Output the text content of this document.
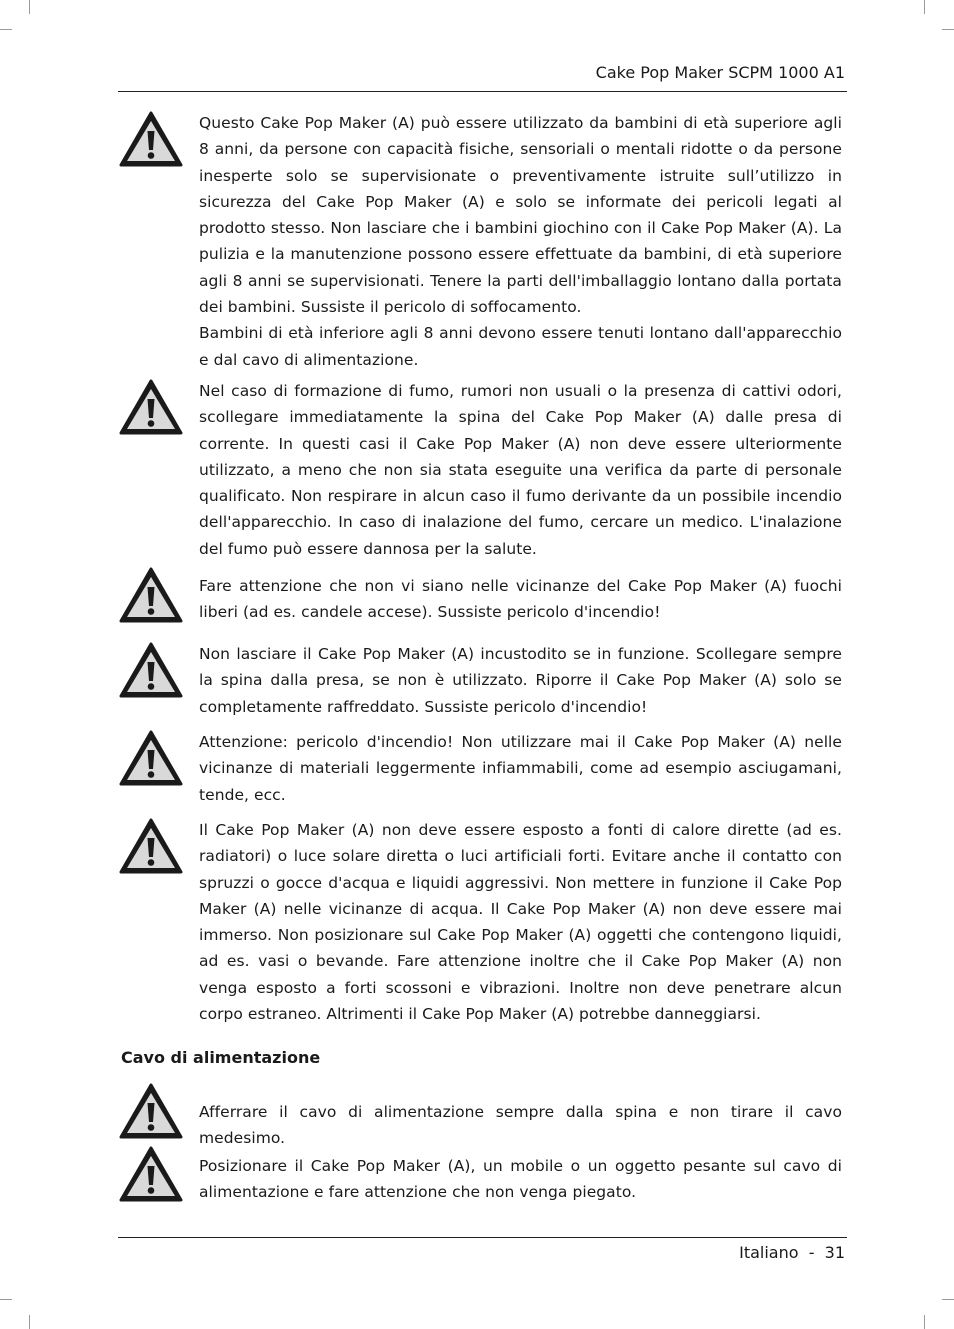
Cake Pop Maker SCPM 1000 A1

Questo Cake Pop Maker (A) può essere utilizzato da bambini di età superiore agli 8 anni, da persone con capacità fisiche, sensoriali o mentali ridotte o da persone inesperte solo se supervisionate o preventivamente istruite sull’utilizzo in sicurezza del Cake Pop Maker (A) e solo se informate dei pericoli legati al prodotto stesso. Non lasciare che i bambini giochino con il Cake Pop Maker (A). La pulizia e la manutenzione possono essere effettuate da bambini, di età superiore agli 8 anni se supervisionati. Tenere la parti dell'imballaggio lontano dalla portata dei bambini. Sussiste il pericolo di soffocamento.

Bambini di età inferiore agli 8 anni devono essere tenuti lontano dall'apparecchio e dal cavo di alimentazione.

Nel caso di formazione di fumo, rumori non usuali o la presenza di cattivi odori, scollegare immediatamente la spina del Cake Pop Maker (A) dalle presa di corrente. In questi casi il Cake Pop Maker (A) non deve essere ulteriormente utilizzato, a meno che non sia stata eseguite una verifica da parte di personale qualificato. Non respirare in alcun caso il fumo derivante da un possibile incendio dell'apparecchio. In caso di inalazione del fumo, cercare un medico. L'inalazione del fumo può essere dannosa per la salute.

Fare attenzione che non vi siano nelle vicinanze del Cake Pop Maker (A) fuochi liberi (ad es. candele accese). Sussiste pericolo d'incendio!

Non lasciare il Cake Pop Maker (A) incustodito se in funzione. Scollegare sempre la spina dalla presa, se non è utilizzato. Riporre il Cake Pop Maker (A) solo se completamente raffreddato. Sussiste pericolo d'incendio!

Attenzione: pericolo d'incendio! Non utilizzare mai il Cake Pop Maker (A) nelle vicinanze di materiali leggermente infiammabili, come ad esempio asciugamani, tende, ecc.

Il Cake Pop Maker (A) non deve essere esposto a fonti di calore dirette (ad es. radiatori) o luce solare diretta o luci artificiali forti. Evitare anche il contatto con spruzzi o gocce d'acqua e liquidi aggressivi. Non mettere in funzione il Cake Pop Maker (A) nelle vicinanze di acqua. Il Cake Pop Maker (A) non deve essere mai immerso. Non posizionare sul Cake Pop Maker (A) oggetti che contengono liquidi, ad es. vasi o bevande. Fare attenzione inoltre che il Cake Pop Maker (A) non venga esposto a forti scossoni e vibrazioni. Inoltre non deve penetrare alcun corpo estraneo. Altrimenti il Cake Pop Maker (A) potrebbe danneggiarsi.

Cavo di alimentazione

Afferrare il cavo di alimentazione sempre dalla spina e non tirare il cavo medesimo.

Posizionare il Cake Pop Maker (A), un mobile o un oggetto pesante sul cavo di alimentazione e fare attenzione che non venga piegato.

Italiano  -  31
